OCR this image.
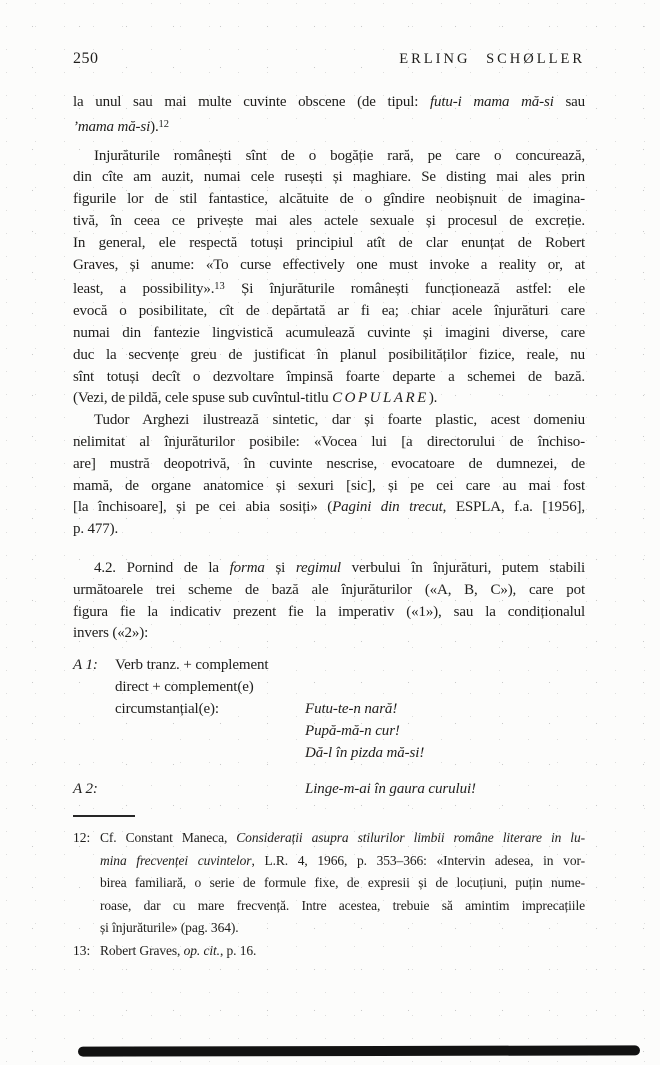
250	ERLING SCHØLLER
la unul sau mai multe cuvinte obscene (de tipul: futu-i mama mă-si sau
’mama mă-si).$^{12}$
Injurăturile românești sînt de o bogăție rară, pe care o concurează,
din cîte am auzit, numai cele rusești și maghiare. Se disting mai ales prin
figurile lor de stil fantastice, alcătuite de o gîndire neobișnuit de imagina-
tivă, în ceea ce privește mai ales actele sexuale și procesul de excreție.
In general, ele respectă totuși principiul atît de clar enunțat de Robert
Graves, și anume: «To curse effectively one must invoke a reality or, at
least, a possibility».$^{13}$ Și înjurăturile românești funcționează astfel: ele
evocă o posibilitate, cît de depărtată ar fi ea; chiar acele înjurături care
numai din fantezie lingvistică acumulează cuvinte și imagini diverse, care
duc la secvențe greu de justificat în planul posibilităților fizice, reale, nu
sînt totuși decît o dezvoltare împinsă foarte departe a schemei de bază.
(Vezi, de pildă, cele spuse sub cuvîntul-titlu COPULARE).
Tudor Arghezi ilustrează sintetic, dar și foarte plastic, acest domeniu
nelimitat al înjurăturilor posibile: «Vocea lui [a directorului de închiso-
are] mustră deopotrivă, în cuvinte nescrise, evocatoare de dumnezei, de
mamă, de organe anatomice și sexuri [sic], și pe cei care au mai fost
[la închisoare], și pe cei abia sosiți» (Pagini din trecut, ESPLA, f.a. [1956],
p. 477).
4.2. Pornind de la forma și regimul verbului în înjurături, putem stabili
următoarele trei scheme de bază ale înjurăturilor («A, B, C»), care pot
figura fie la indicativ prezent fie la imperativ («1»), sau la condiționalul
invers («2»):
A 1:	Verb tranz. + complement
direct + complement(e)
circumstanțial(e):	Futu-te-n nară!
Pupă-mă-n cur!
Dă-l în pizda mă-si!
A 2:	Linge-m-ai în gaura curului!
12: Cf. Constant Maneca, Considerații asupra stilurilor limbii române literare in lu-
mina frecvenței cuvintelor, L.R. 4, 1966, p. 353–366: «Intervin adesea, in vor-
birea familiară, o serie de formule fixe, de expresii și de locuțiuni, puțin nume-
roase, dar cu mare frecvență. Intre acestea, trebuie să amintim imprecațiile
și înjurăturile» (pag. 364).
13: Robert Graves, op. cit., p. 16.
